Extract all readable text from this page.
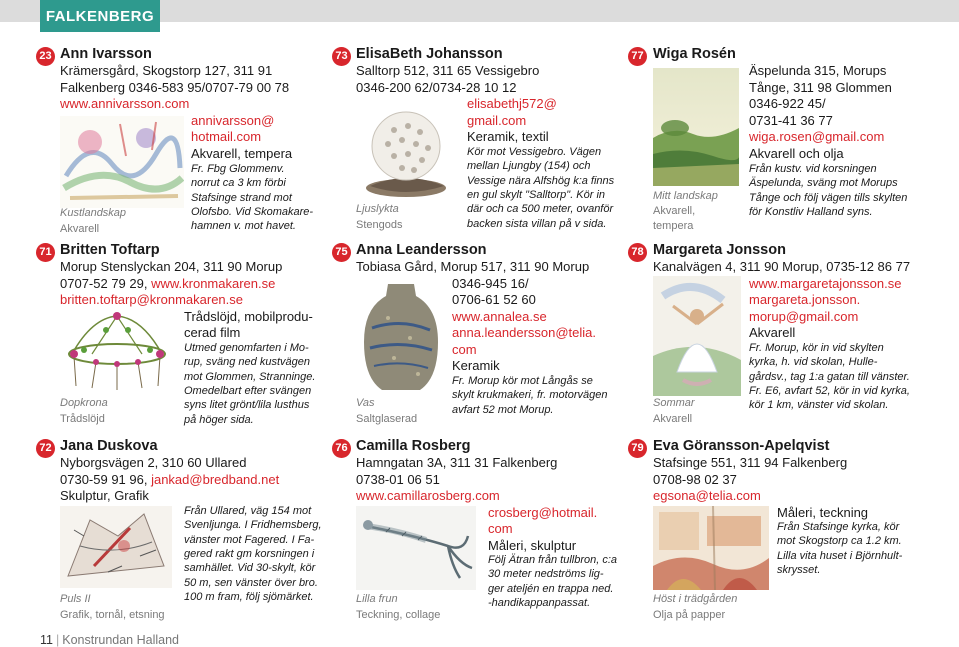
FALKENBERG
23 Ann Ivarsson
Krämersgård, Skogstorp 127, 311 91
Falkenberg 0346-583 95/0707-79 00 78
www.annivarsson.com
annivarsson@
hotmail.com
Akvarell, tempera
Fr. Fbg Glommenv.
norrut ca 3 km förbi
Stafsinge strand mot
Olofsbo. Vid Skomakare-
hamnen v. mot havet.
Kustlandskap
Akvarell
73 ElisaBeth Johansson
Salltorp 512, 311 65 Vessigebro
0346-200 62/0734-28 10 12
elisabethj572@
gmail.com
Keramik, textil
Kör mot Vessigebro. Vägen
mellan Ljungby (154) och
Vessige nära Alfshög k:a finns
en gul skylt "Salltorp". Kör in
där och ca 500 meter, ovanför
backen sista villan på v sida.
Ljuslykta
Stengods
77 Wiga Rosén
Äspelunda 315, Morups
Tånge, 311 98 Glommen
0346-922 45/
0731-41 36 77
wiga.rosen@gmail.com
Akvarell och olja
Från kustv. vid korsningen
Äspelunda, sväng mot Morups
Tånge och följ vägen tills skylten
för Konstliv Halland syns.
Mitt landskap
Akvarell,
tempera
71 Britten Toftarp
Morup Stenslyckan 204, 311 90 Morup
0707-52 79 29, www.kronmakaren.se
britten.toftarp@kronmakaren.se
Trådslöjd, mobilprodu-
cerad film
Utmed genomfarten i Mo-
rup, sväng ned kustvägen
mot Glommen, Stranninge.
Omedelbart efter svängen
syns litet grönt/lila lusthus
på höger sida.
Dopkrona
Trådslöjd
75 Anna Leandersson
Tobiasa Gård, Morup 517, 311 90 Morup
0346-945 16/
0706-61 52 60
www.annalea.se
anna.leandersson@telia.
com
Keramik
Fr. Morup kör mot Långås se
skylt krukmakeri, fr. motorvägen
avfart 52 mot Morup.
Vas
Saltglaserad
78 Margareta Jonsson
Kanalvägen 4, 311 90 Morup, 0735-12 86 77
www.margaretajonsson.se
margareta.jonsson.
morup@gmail.com
Akvarell
Fr. Morup, kör in vid skylten
kyrka, h. vid skolan, Hulle-
gårdsv., tag 1:a gatan till vänster.
Fr. E6, avfart 52, kör in vid kyrka,
kör 1 km, vänster vid skolan.
Sommar
Akvarell
72 Jana Duskova
Nyborgsvägen 2, 310 60 Ullared
0730-59 91 96, jankad@bredband.net
Skulptur, Grafik
Från Ullared, väg 154 mot
Svenljunga. I Fridhemsberg,
vänster mot Fagered. I Fa-
gered rakt gm korsningen i
samhället. Vid 30-skylt, kör
50 m, sen vänster över bro.
100 m fram, följ sjömärket.
Puls II
Grafik, tornål, etsning
76 Camilla Rosberg
Hamngatan 3A, 311 31 Falkenberg
0738-01 06 51
www.camillarosberg.com
crosberg@hotmail.
com
Måleri, skulptur
Följ Ätran från tullbron, c:a
30 meter nedströms lig-
ger ateljén en trappa ned.
-handikappanpassat.
Lilla frun
Teckning, collage
79 Eva Göransson-Apelqvist
Stafsinge 551, 311 94 Falkenberg
0708-98 02 37
egsona@telia.com
Måleri, teckning
Från Stafsinge kyrka, kör
mot Skogstorp ca 1.2 km.
Lilla vita huset i Björnhult-
skrysset.
Höst i trädgården
Olja på papper
11 | Konstrundan Halland
